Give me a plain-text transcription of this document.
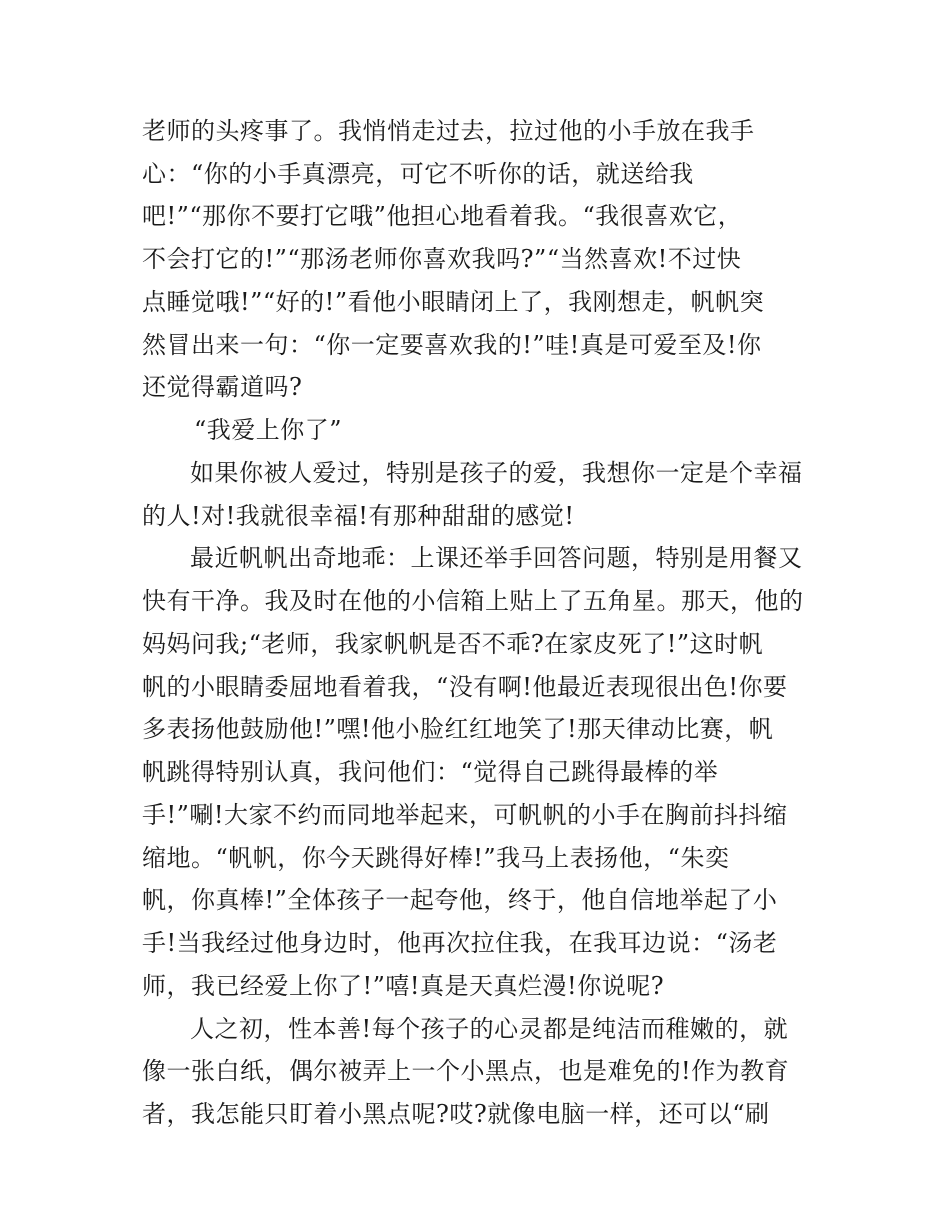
老师的头疼事了。我悄悄走过去，拉过他的小手放在我手
心：“你的小手真漂亮，可它不听你的话，就送给我
吧!”“那你不要打它哦”他担心地看着我。“我很喜欢它，
不会打它的!”“那汤老师你喜欢我吗?”“当然喜欢!不过快
点睡觉哦!”“好的!”看他小眼睛闭上了，我刚想走，帆帆突
然冒出来一句：“你一定要喜欢我的!”哇!真是可爱至及!你
还觉得霸道吗?
“我爱上你了”
如果你被人爱过，特别是孩子的爱，我想你一定是个幸福
的人!对!我就很幸福!有那种甜甜的感觉!
最近帆帆出奇地乖：上课还举手回答问题，特别是用餐又
快有干净。我及时在他的小信箱上贴上了五角星。那天，他的
妈妈问我;“老师，我家帆帆是否不乖?在家皮死了!”这时帆
帆的小眼睛委屈地看着我，“没有啊!他最近表现很出色!你要
多表扬他鼓励他!”嘿!他小脸红红地笑了!那天律动比赛，帆
帆跳得特别认真，我问他们：“觉得自己跳得最棒的举
手!”唰!大家不约而同地举起来，可帆帆的小手在胸前抖抖缩
缩地。“帆帆，你今天跳得好棒!”我马上表扬他，“朱奕
帆，你真棒!”全体孩子一起夸他，终于，他自信地举起了小
手!当我经过他身边时，他再次拉住我，在我耳边说：“汤老
师，我已经爱上你了!”嘻!真是天真烂漫!你说呢?
人之初，性本善!每个孩子的心灵都是纯洁而稚嫩的，就
像一张白纸，偶尔被弄上一个小黑点，也是难免的!作为教育
者，我怎能只盯着小黑点呢?哎?就像电脑一样，还可以“刷
